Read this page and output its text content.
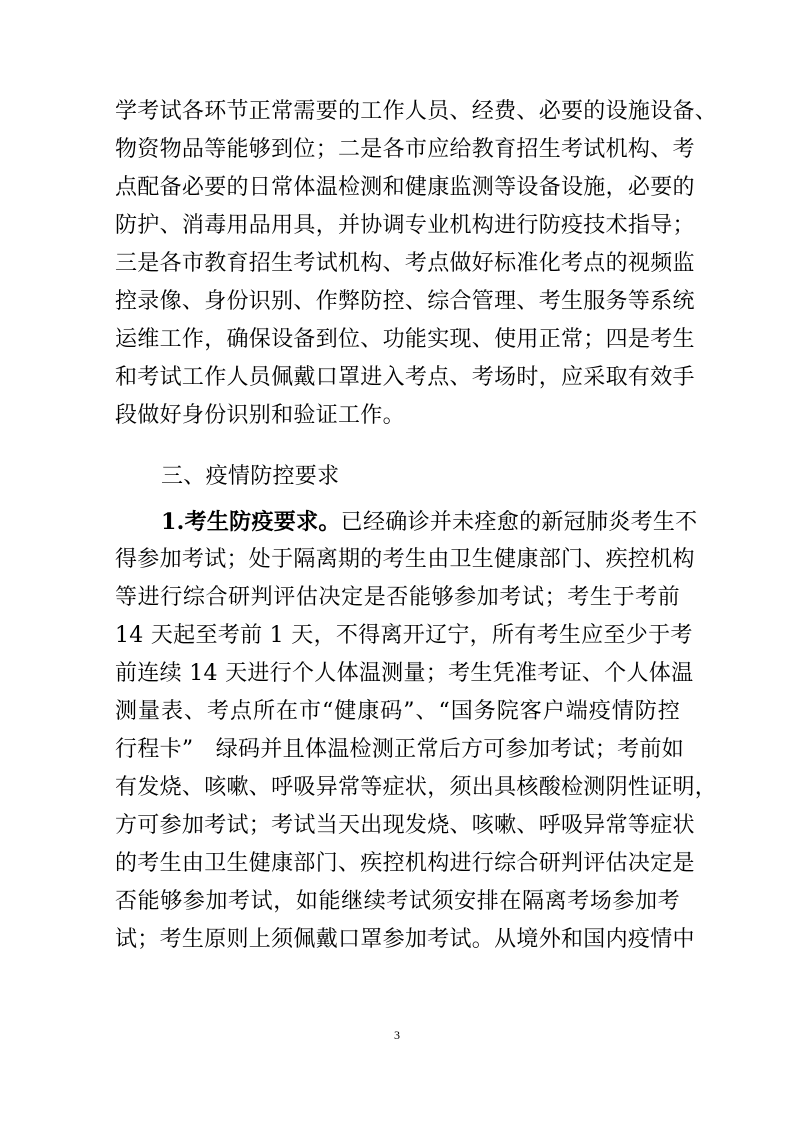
学考试各环节正常需要的工作人员、经费、必要的设施设备、
物资物品等能够到位；二是各市应给教育招生考试机构、考
点配备必要的日常体温检测和健康监测等设备设施，必要的
防护、消毒用品用具，并协调专业机构进行防疫技术指导；
三是各市教育招生考试机构、考点做好标准化考点的视频监
控录像、身份识别、作弊防控、综合管理、考生服务等系统
运维工作，确保设备到位、功能实现、使用正常；四是考生
和考试工作人员佩戴口罩进入考点、考场时，应采取有效手
段做好身份识别和验证工作。
三、疫情防控要求
1.考生防疫要求。已经确诊并未痊愈的新冠肺炎考生不
得参加考试；处于隔离期的考生由卫生健康部门、疾控机构
等进行综合研判评估决定是否能够参加考试；考生于考前
14 天起至考前 1 天，不得离开辽宁，所有考生应至少于考
前连续 14 天进行个人体温测量；考生凭准考证、个人体温
测量表、考点所在市“健康码”、“国务院客户端疫情防控
行程卡”　绿码并且体温检测正常后方可参加考试；考前如
有发烧、咳嗽、呼吸异常等症状，须出具核酸检测阴性证明，
方可参加考试；考试当天出现发烧、咳嗽、呼吸异常等症状
的考生由卫生健康部门、疾控机构进行综合研判评估决定是
否能够参加考试，如能继续考试须安排在隔离考场参加考
试；考生原则上须佩戴口罩参加考试。从境外和国内疫情中
3
